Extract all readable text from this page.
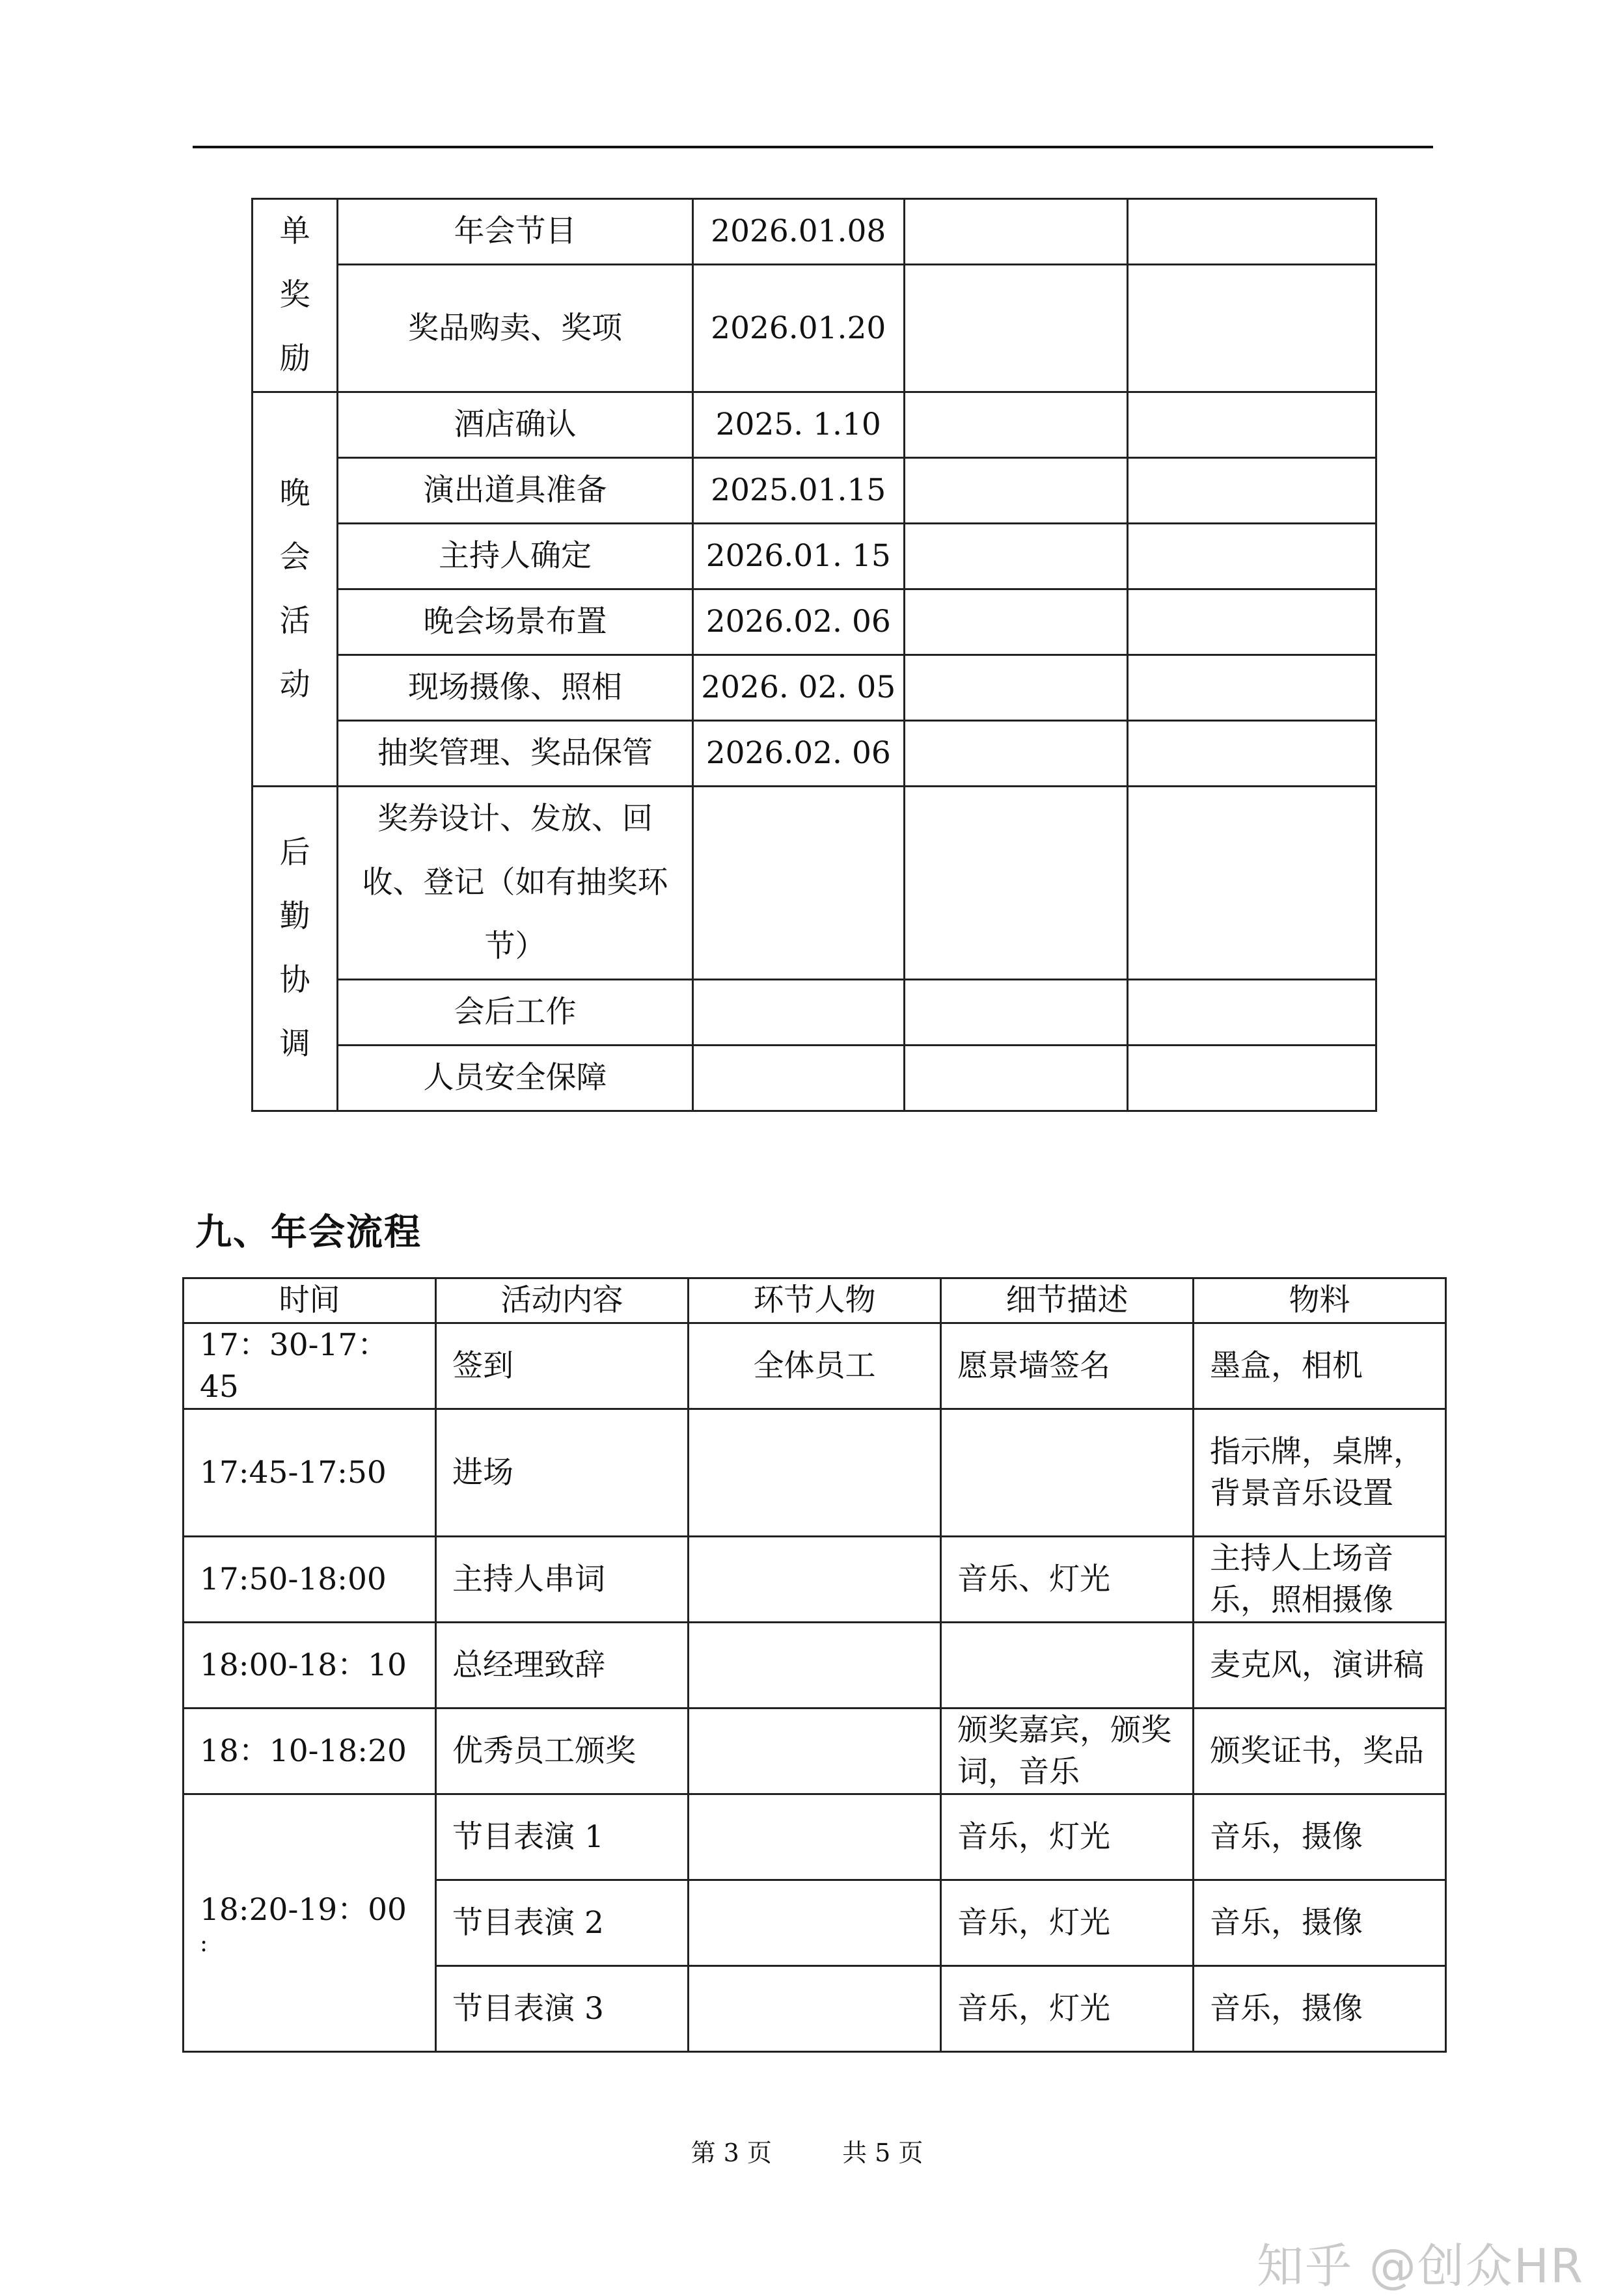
单
奖
励	年会节目	2026.01.08		
	奖品购卖、奖项	2026.01.20		

晚
会
活
动	酒店确认	2025. 1.10		
	演出道具准备	2025.01.15		
	主持人确定	2026.01. 15		
	晚会场景布置	2026.02. 06		
	现场摄像、照相	2026. 02. 05		
	抽奖管理、奖品保管	2026.02. 06		

后
勤
协
调	奖券设计、发放、回收、登记（如有抽奖环节）			
	会后工作			
	人员安全保障			
九、年会流程
时间	活动内容	环节人物	细节描述	物料
17：30-17：45	签到	全体员工	愿景墙签名	墨盒，相机
17:45-17:50	进场			指示牌，桌牌，背景音乐设置
17:50-18:00	主持人串词		音乐、灯光	主持人上场音乐，照相摄像
18:00-18：10	总经理致辞			麦克风，演讲稿
18：10-18:20	优秀员工颁奖		颁奖嘉宾，颁奖词，音乐	颁奖证书，奖品

18:20-19：00
:	节目表演 1		音乐，灯光	音乐，摄像
	节目表演 2		音乐，灯光	音乐，摄像
	节目表演 3		音乐，灯光	音乐，摄像
第 3 页	共 5 页
知乎 @创众HR
